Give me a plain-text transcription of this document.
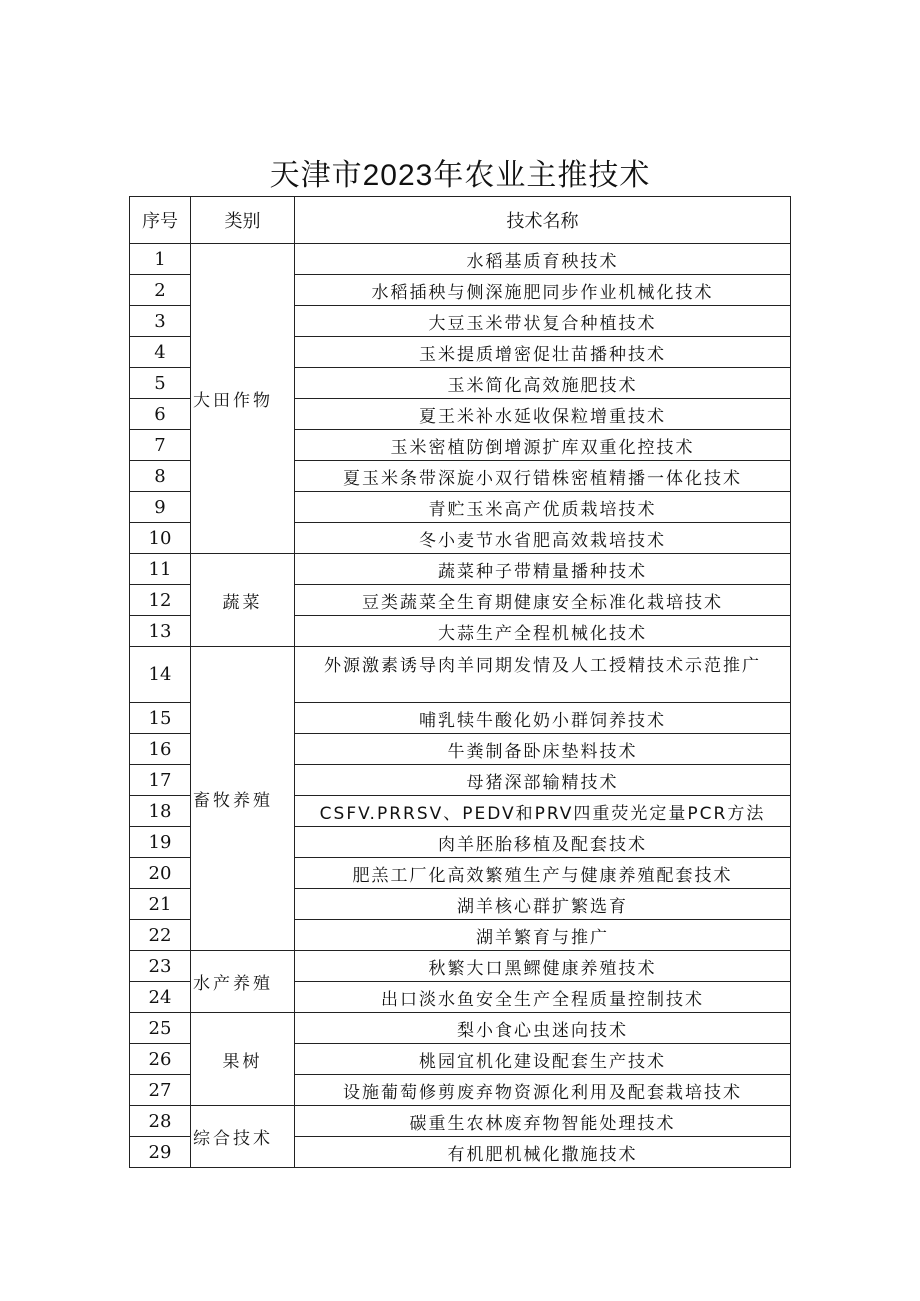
天津市2023年农业主推技术
序号	类别	技术名称
1	大田作物	水稻基质育秧技术
2		水稻插秧与侧深施肥同步作业机械化技术
3		大豆玉米带状复合种植技术
4		玉米提质增密促壮苗播种技术
5		玉米简化高效施肥技术
6		夏王米补水延收保粒增重技术
7		玉米密植防倒增源扩库双重化控技术
8		夏玉米条带深旋小双行错株密植精播一体化技术
9		青贮玉米高产优质栽培技术
10		冬小麦节水省肥高效栽培技术
11	蔬菜	蔬菜种子带精量播种技术
12		豆类蔬菜全生育期健康安全标准化栽培技术
13		大蒜生产全程机械化技术
14	畜牧养殖	外源激素诱导肉羊同期发情及人工授精技术示范推广
15		哺乳犊牛酸化奶小群饲养技术
16		牛粪制备卧床垫料技术
17		母猪深部输精技术
18		CSFV.PRRSV、PEDV和PRV四重荧光定量PCR方法
19		肉羊胚胎移植及配套技术
20		肥羔工厂化高效繁殖生产与健康养殖配套技术
21		湖羊核心群扩繁选育
22		湖羊繁育与推广
23	水产养殖	秋繁大口黑鳏健康养殖技术
24		出口淡水鱼安全生产全程质量控制技术
25	果树	梨小食心虫迷向技术
26		桃园宜机化建设配套生产技术
27		设施葡萄修剪废弃物资源化利用及配套栽培技术
28	综合技术	碳重生农林废弃物智能处理技术
29		有机肥机械化撒施技术
